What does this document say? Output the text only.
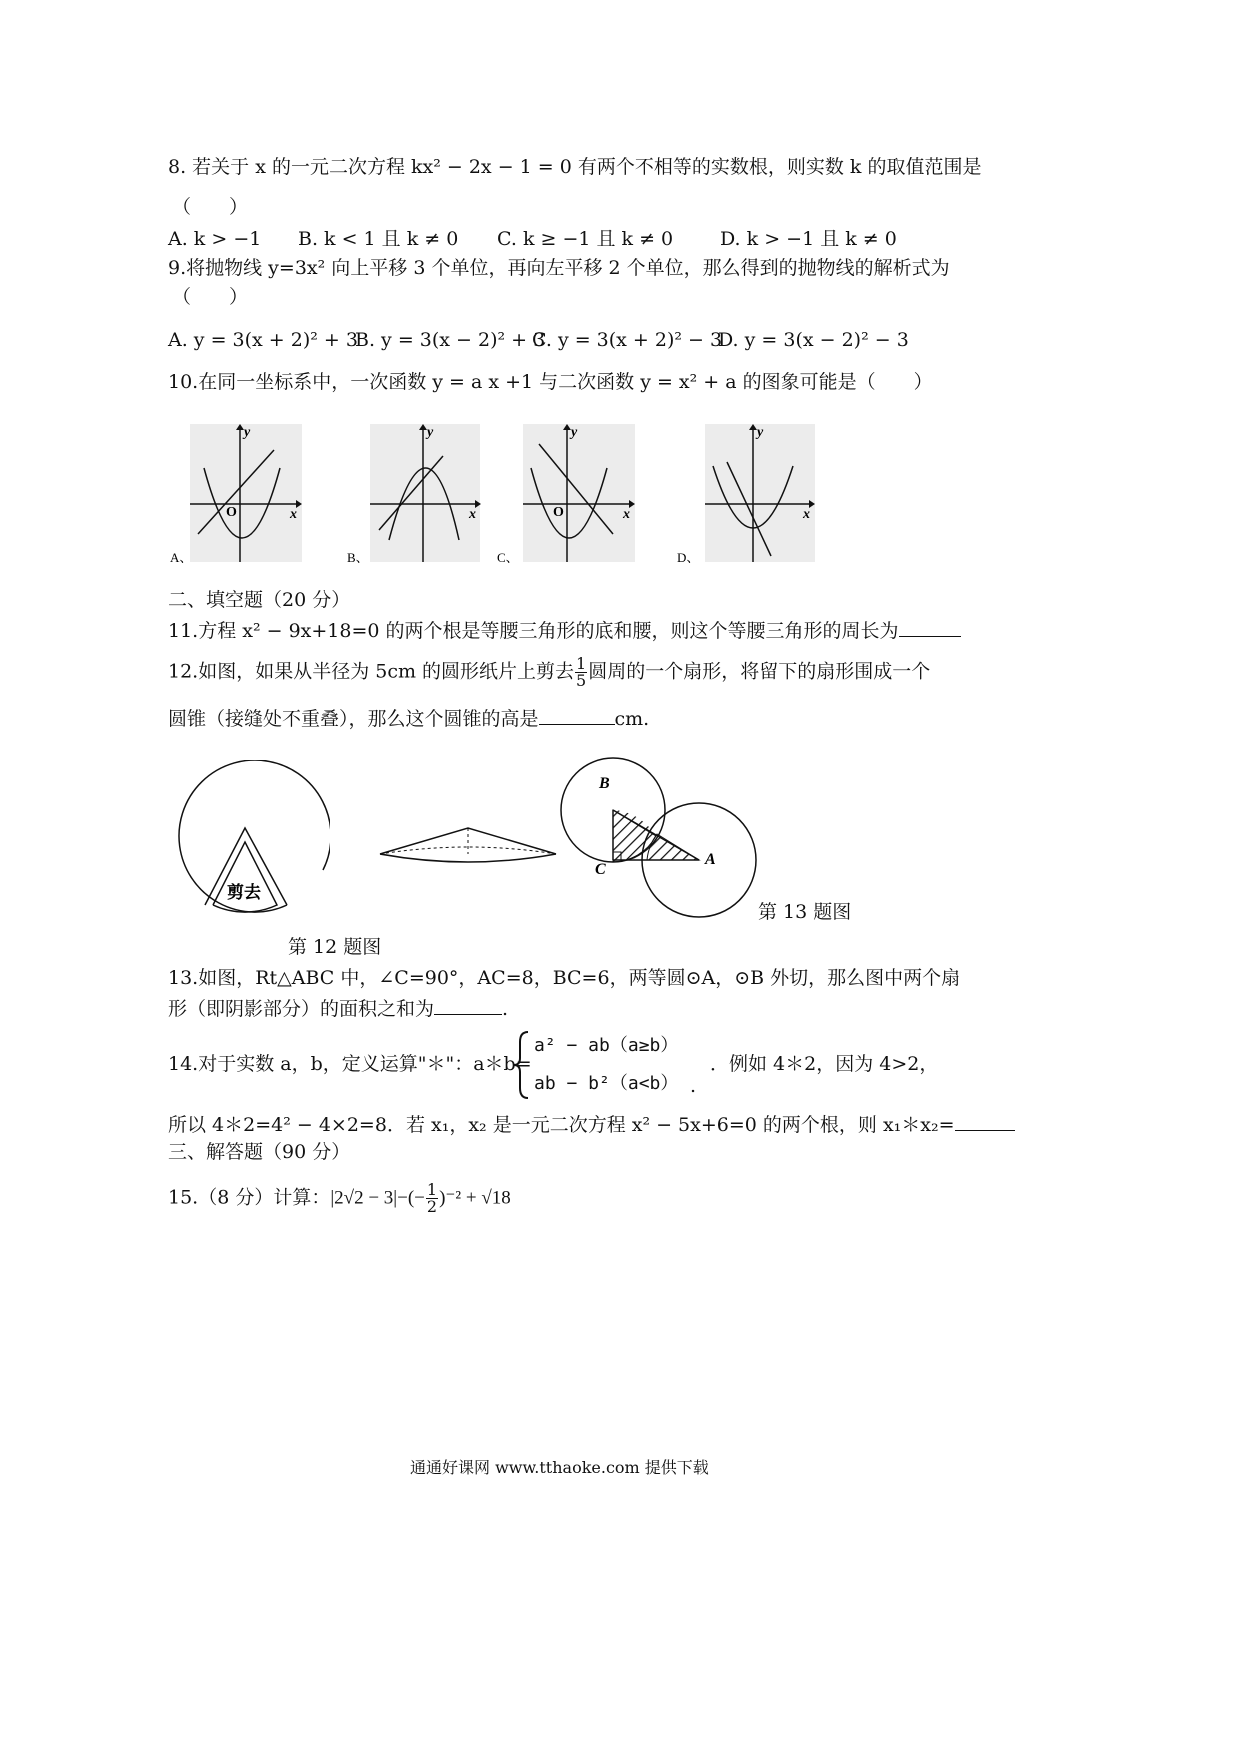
8. 若关于 x 的一元二次方程 kx² − 2x − 1 = 0 有两个不相等的实数根，则实数 k 的取值范围是
（　　）
A. k > −1 B. k < 1 且 k ≠ 0 C. k ≥ −1 且 k ≠ 0 D. k > −1 且 k ≠ 0
9.将抛物线 y=3x² 向上平移 3 个单位，再向左平移 2 个单位，那么得到的抛物线的解析式为
（　　）
A. y = 3(x + 2)² + 3
B. y = 3(x − 2)² + 3
C. y = 3(x + 2)² − 3
D. y = 3(x − 2)² − 3
10.在同一坐标系中，一次函数 y = a x +1 与二次函数 y = x² + a 的图象可能是（　　）
x
y
O
A、
x
y
B、
x
y
O
C、
x
y
D、
二、填空题（20 分）
11.方程 x² − 9x+18=0 的两个根是等腰三角形的底和腰，则这个等腰三角形的周长为
12.如图，如果从半径为 5cm 的圆形纸片上剪去 $\frac{1}{5}$ 圆周的一个扇形，将留下的扇形围成一个
圆锥（接缝处不重叠），那么这个圆锥的高是	cm.
剪去
第 12 题图
B
C
A
第 13 题图
13.如图，Rt△ABC 中，∠C=90°，AC=8，BC=6，两等圆⊙A，⊙B 外切，那么图中两个扇
形（即阴影部分）的面积之和为	.
14.对于实数 a，b，定义运算"＊"：a＊b=
a² − ab（a≥b）
ab − b²（a<b） .
．例如 4＊2，因为 4>2，
所以 4＊2=4² − 4×2=8．若 x₁，x₂ 是一元二次方程 x² − 5x+6=0 的两个根，则 x₁＊x₂=
三、解答题（90 分）
15.（8 分）计算：$|2√2 - 3|-(- \frac{1}{2} )^{-2} + √18$
通通好课网 www.tthaoke.com 提供下载
